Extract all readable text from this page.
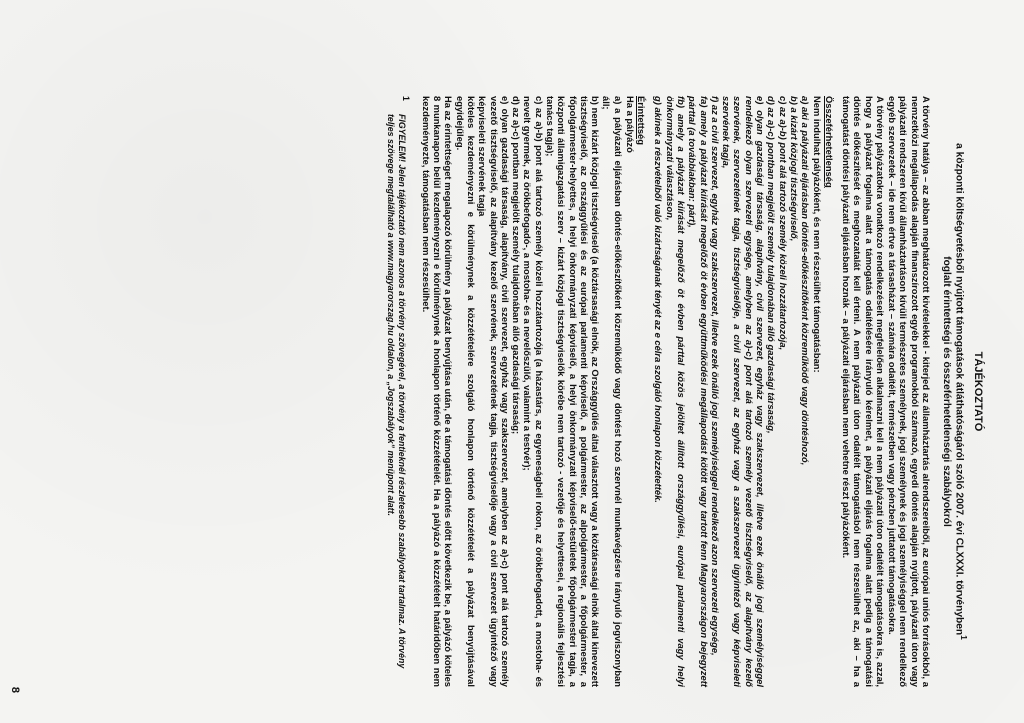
TÁJÉKOZTATÓ
a központi költségvetésből nyújtott támogatások átláthatóságáról szóló 2007. évi CLXXXI. törvényben$^1$
foglalt érintettségi és összeférhetetlenségi szabályokról

A törvény hatálya – az abban meghatározott kivételekkel - kiterjed az államháztartás alrendszereiből, az európai uniós forrásokból, a nemzetközi megállapodás alapján finanszírozott egyéb programokból származó, egyedi döntés alapján nyújtott, pályázati úton vagy pályázati rendszeren kívül államháztartáson kívüli természetes személynek, jogi személynek és jogi személyiséggel nem rendelkező egyéb szervezetek – ide nem értve a társasházat – számára odaítélt, természetben vagy pénzben juttatott támogatásokra.

A törvény pályázatokra vonatkozó rendelkezéseit megfelelően alkalmazni kell a nem pályázati úton odaítélt támogatásokra is, azzal, hogy a pályázat fogalma alatt a támogatás odaítélésére irányuló kérelmet, a pályázati eljárás fogalma alatt pedig a támogatási döntés előkészítését és meghozatalát kell érteni. A nem pályázati úton odaítélt támogatásból nem részesülhet az, aki – ha a támogatást döntési pályázati eljárásban hoznák – a pályázati eljárásban nem vehetne részt pályázóként.

Összeférhetetlenség

Nem indulhat pályázóként, és nem részesülhet támogatásban:

a) aki a pályázati eljárásban döntés-előkészítőként közreműködő vagy döntéshozó,

b) a kizárt közjogi tisztségviselő,

c) az a)-b) pont alá tartozó személy közeli hozzátartozója,

d) az a)-c) pontban megjelölt személy tulajdonában álló gazdasági társaság,

e) olyan gazdasági társaság, alapítvány, civil szervezet, egyház vagy szakszervezet, illetve ezek önálló jogi személyiséggel rendelkező olyan szervezeti egysége, amelyben az a)-c) pont alá tartozó személy vezető tisztségviselő, az alapítvány kezelő szervének, szervezetének tagja, tisztségviselője, a civil szervezet, az egyház vagy a szakszervezet ügyintéző vagy képviseleti szervének tagja,

f) az a civil szervezet, egyház vagy szakszervezet, illetve ezek önálló jogi személyiséggel rendelkező azon szervezeti egysége,

fa) amely a pályázat kiírását megelőző öt évben együttműködési megállapodást kötött vagy tartott fenn Magyarországon bejegyzett párttal (a továbbiakban: párt),

fb) amely a pályázat kiírását megelőző öt évben párttal közös jelöltet állított országgyűlési, európai parlamenti vagy helyi önkormányzati választáson,

g) akinek a részvételből való kizártságának tényét az e célra szolgáló honlapon közzétették.

Érintettség

Ha a pályázó

a) a pályázati eljárásban döntés-előkészítőként közreműködő vagy döntést hozó szervnél munkavégzésre irányuló jogviszonyban áll;

b) nem kizárt közjogi tisztségviselő (a köztársasági elnök, az Országgyűlés által választott vagy a köztársasági elnök által kinevezett tisztségviselő, az országgyűlési és az európai parlamenti képviselő, a polgármester, az alpolgármester, a főpolgármester, a főpolgármester-helyettes, a helyi önkormányzati képviselő, a helyi önkormányzati képviselő-testületek főpolgármesteri tagja, a központi államigazgatási szerv – kizárt közjogi tisztségviselők körébe nem tartozó - vezetője és helyettesei, a regionális fejlesztési tanács tagja);

c) az a)-b) pont alá tartozó személy közeli hozzátartozója (a házastárs, az egyeneságbeli rokon, az örökbefogadott, a mostoha- és nevelt gyermek, az örökbefogadó-, a mostoha- és a nevelőszülő, valamint a testvér);

d) az a)-c) pontban megjelölt személy tulajdonában álló gazdasági társaság;

e) olyan gazdasági társaság, alapítvány, civil szervezet, egyház vagy szakszervezet, amelyben az a)-c) pont alá tartozó személy vezető tisztségviselő, az alapítvány kezelő szervének, szervezetének tagja, tisztségviselője vagy a civil szervezet ügyintéző vagy képviseleti szervének tagja

köteles kezdeményezni e körülménynek a közzétételére szolgáló honlapon történő közzétételét a pályázat benyújtásával egyidejűleg.

Ha az érintettséget megalapozó körülmény a pályázat benyújtása után, de a támogatási döntés előtt következik be, a pályázó köteles 8 munkanapon belül kezdeményezni e körülménynek a honlapon történő közzétételét. Ha a pályázó a közzétételt határidőben nem kezdeményezte, támogatásban nem részesülhet.

1
FIGYELEM! Jelen tájékoztató nem azonos a törvény szövegével, a törvény a fentieknél részletesebb szabályokat tartalmaz. A törvény teljes szövege megtalálható a www.magyarorszag.hu oldalon, a „Jogszabályok” menüpont alatt.
8
